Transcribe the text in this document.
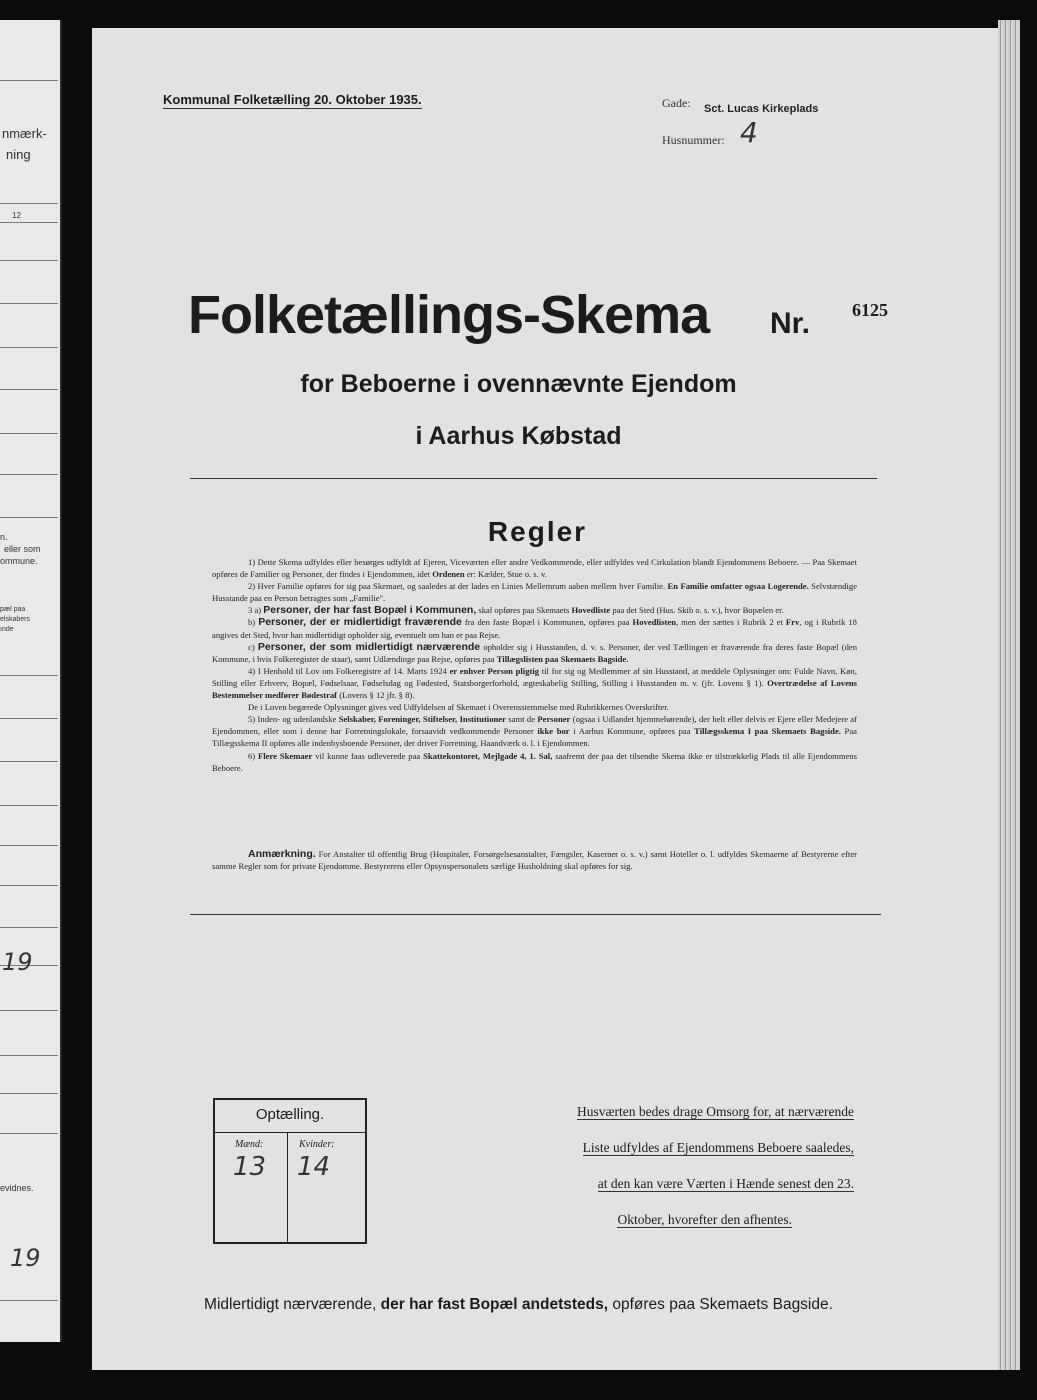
nmærk-
ning
12
n.
eller som
ommune.
pæl paa
elskabers
ınde
19
evidnes.
19
Kommunal Folketælling 20. Oktober 1935.	Gade: Sct. Lucas Kirkeplads
Husnummer: 4
Folketællings-Skema Nr. 6125
for Beboerne i ovennævnte Ejendom
i Aarhus Købstad
Regler

1) Dette Skema udfyldes eller besørges udfyldt af Ejeren, Viceværten eller andre Vedkommende, eller udfyldes ved Cirkulation blandt Ejendommens Beboere. — Paa Skemaet opføres de Familier og Personer, der findes i Ejendommen, idet Ordenen er: Kælder, Stue o. s. v.

2) Hver Familie opføres for sig paa Skemaet, og saaledes at der lades en Linies Mellemrum aaben mellem hver Familie. En Familie omfatter ogsaa Logerende. Selvstændige Husstande paa en Person betragtes som „Familie".

3 a) Personer, der har fast Bopæl i Kommunen, skal opføres paa Skemaets Hovedliste paa det Sted (Hus. Skib o. s. v.), hvor Bopælen er.

b) Personer, der er midlertidigt fraværende fra den faste Bopæl i Kommunen, opføres paa Hovedlisten, men der sættes i Rubrik 2 et Frv, og i Rubrik 18 angives det Sted, hvor han midlertidigt opholder sig, eventuelt om han er paa Rejse.

c) Personer, der som midlertidigt nærværende opholder sig i Husstanden, d. v. s. Personer, der ved Tællingen er fraværende fra deres faste Bopæl (den Kommune, i hvis Folkeregister de staar), samt Udlændinge paa Rejse, opføres paa Tillægslisten paa Skemaets Bagside.

4) I Henhold til Lov om Folkeregistre af 14. Marts 1924 er enhver Person pligtig til for sig og Medlemmer af sin Husstand, at meddele Oplysninger om: Fulde Navn, Køn, Stilling eller Erhverv, Bopæl, Fødselsaar, Fødselsdag og Fødested, Statsborgerforhold, ægteskabelig Stilling, Stilling i Husstanden m. v. (jfr. Lovens § 1). Overtrædelse af Lovens Bestemmelser medfører Bødestraf (Lovens § 12 jfr. § 8).

De i Loven begærede Oplysninger gives ved Udfyldelsen af Skemaet i Overensstemmelse med Rubrikkernes Overskrifter.

5) Inden- og udenlandske Selskaber, Foreninger, Stiftelser, Institutioner samt de Personer (ogsaa i Udlandet hjemmehørende), der helt eller delvis er Ejere eller Medejere af Ejendommen, eller som i denne har Forretningslokale, forsaavidt vedkommende Personer ikke bor i Aarhus Kommune, opføres paa Tillægsskema I paa Skemaets Bagside. Paa Tillægsskema II opføres alle indenbysboende Personer, der driver Forretning, Haandværk o. l. i Ejendommen.

6) Flere Skemaer vil kunne faas udleverede paa Skattekontoret, Mejlgade 4, 1. Sal, saafremt der paa det tilsendte Skema ikke er tilstrækkelig Plads til alle Ejendommens Beboere.

Anmærkning. For Anstalter til offentlig Brug (Hospitaler, Forsørgelsesanstalter, Fængsler, Kaserner o. s. v.) samt Hoteller o. l. udfyldes Skemaerne af Bestyrerne efter samme Regler som for private Ejendomme. Bestyrerens eller Opsynspersonalets særlige Husholdning skal opføres for sig.
Optælling.
Mænd:	Kvinder:
13 14
Husværten bedes drage Omsorg for, at nærværende
Liste udfyldes af Ejendommens Beboere saaledes,
at den kan være Værten i Hænde senest den 23.
Oktober, hvorefter den afhentes.
Midlertidigt nærværende, der har fast Bopæl andetsteds, opføres paa Skemaets Bagside.
